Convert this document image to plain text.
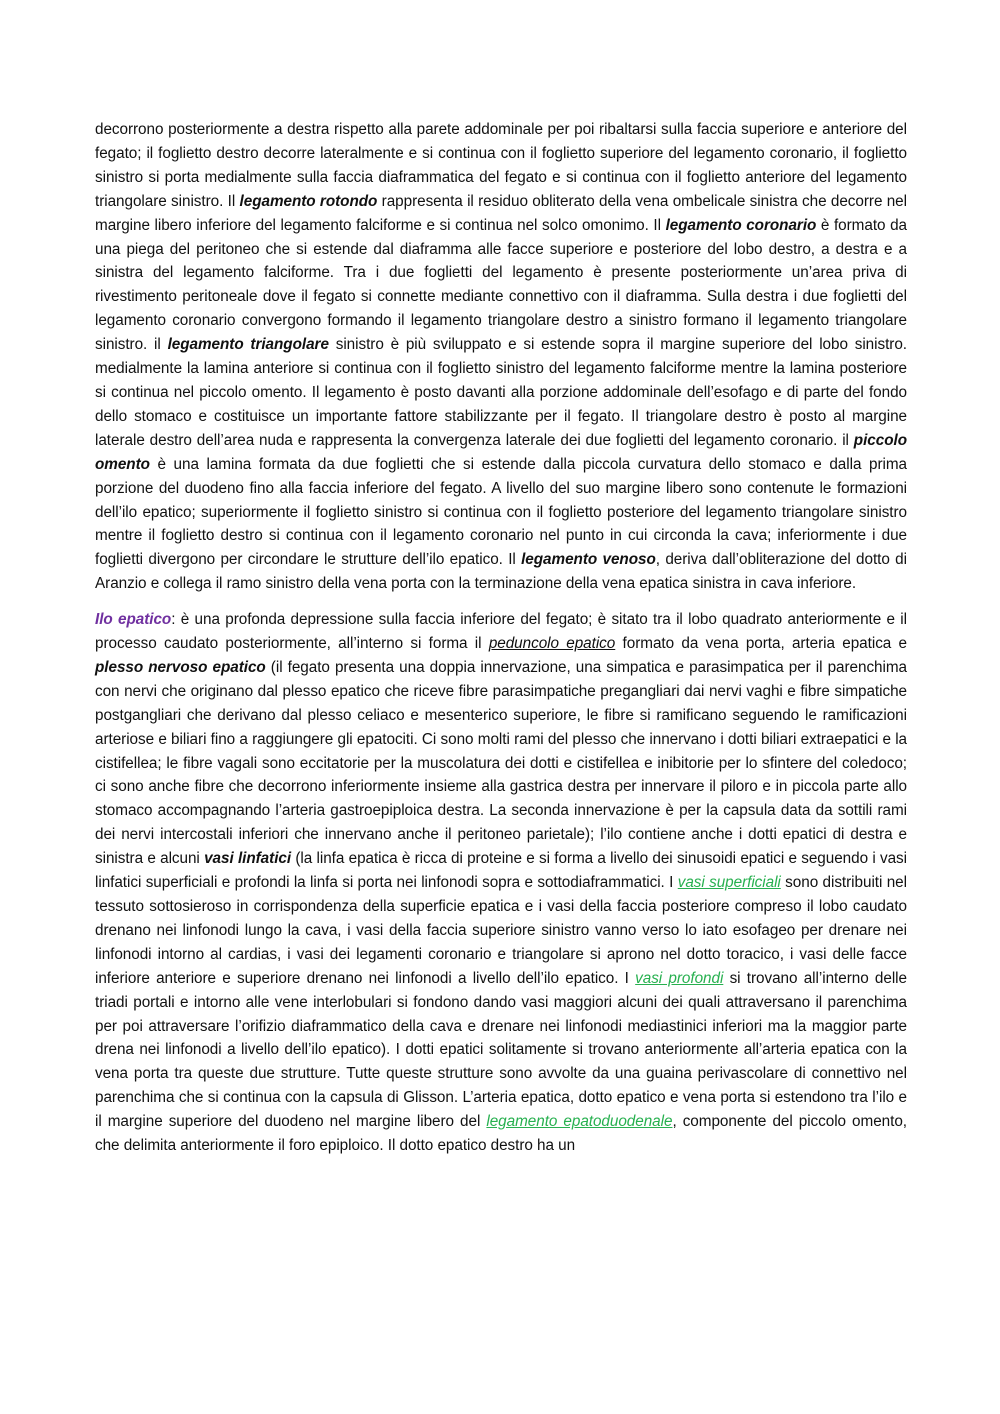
decorrono posteriormente a destra rispetto alla parete addominale per poi ribaltarsi sulla faccia superiore e anteriore del fegato; il foglietto destro decorre lateralmente e si continua con il foglietto superiore del legamento coronario, il foglietto sinistro si porta medialmente sulla faccia diaframmatica del fegato e si continua con il foglietto anteriore del legamento triangolare sinistro. Il legamento rotondo rappresenta il residuo obliterato della vena ombelicale sinistra che decorre nel margine libero inferiore del legamento falciforme e si continua nel solco omonimo. Il legamento coronario è formato da una piega del peritoneo che si estende dal diaframma alle facce superiore e posteriore del lobo destro, a destra e a sinistra del legamento falciforme. Tra i due foglietti del legamento è presente posteriormente un’area priva di rivestimento peritoneale dove il fegato si connette mediante connettivo con il diaframma. Sulla destra i due foglietti del legamento coronario convergono formando il legamento triangolare destro a sinistro formano il legamento triangolare sinistro. il legamento triangolare sinistro è più sviluppato e si estende sopra il margine superiore del lobo sinistro. medialmente la lamina anteriore si continua con il foglietto sinistro del legamento falciforme mentre la lamina posteriore si continua nel piccolo omento. Il legamento è posto davanti alla porzione addominale dell’esofago e di parte del fondo dello stomaco e costituisce un importante fattore stabilizzante per il fegato. Il triangolare destro è posto al margine laterale destro dell’area nuda e rappresenta la convergenza laterale dei due foglietti del legamento coronario. il piccolo omento è una lamina formata da due foglietti che si estende dalla piccola curvatura dello stomaco e dalla prima porzione del duodeno fino alla faccia inferiore del fegato. A livello del suo margine libero sono contenute le formazioni dell’ilo epatico; superiormente il foglietto sinistro si continua con il foglietto posteriore del legamento triangolare sinistro mentre il foglietto destro si continua con il legamento coronario nel punto in cui circonda la cava; inferiormente i due foglietti divergono per circondare le strutture dell’ilo epatico. Il legamento venoso, deriva dall’obliterazione del dotto di Aranzio e collega il ramo sinistro della vena porta con la terminazione della vena epatica sinistra in cava inferiore.

Ilo epatico: è una profonda depressione sulla faccia inferiore del fegato; è sitato tra il lobo quadrato anteriormente e il processo caudato posteriormente, all’interno si forma il peduncolo epatico formato da vena porta, arteria epatica e plesso nervoso epatico (il fegato presenta una doppia innervazione, una simpatica e parasimpatica per il parenchima con nervi che originano dal plesso epatico che riceve fibre parasimpatiche pregangliari dai nervi vaghi e fibre simpatiche postgangliari che derivano dal plesso celiaco e mesenterico superiore, le fibre si ramificano seguendo le ramificazioni arteriose e biliari fino a raggiungere gli epatociti. Ci sono molti rami del plesso che innervano i dotti biliari extraepatici e la cistifellea; le fibre vagali sono eccitatorie per la muscolatura dei dotti e cistifellea e inibitorie per lo sfintere del coledoco; ci sono anche fibre che decorrono inferiormente insieme alla gastrica destra per innervare il piloro e in piccola parte allo stomaco accompagnando l’arteria gastroepiploica destra. La seconda innervazione è per la capsula data da sottili rami dei nervi intercostali inferiori che innervano anche il peritoneo parietale); l’ilo contiene anche i dotti epatici di destra e sinistra e alcuni vasi linfatici (la linfa epatica è ricca di proteine e si forma a livello dei sinusoidi epatici e seguendo i vasi linfatici superficiali e profondi la linfa si porta nei linfonodi sopra e sottodiaframmatici. I vasi superficiali sono distribuiti nel tessuto sottosieroso in corrispondenza della superficie epatica e i vasi della faccia posteriore compreso il lobo caudato drenano nei linfonodi lungo la cava, i vasi della faccia superiore sinistro vanno verso lo iato esofageo per drenare nei linfonodi intorno al cardias, i vasi dei legamenti coronario e triangolare si aprono nel dotto toracico, i vasi delle facce inferiore anteriore e superiore drenano nei linfonodi a livello dell’ilo epatico. I vasi profondi si trovano all’interno delle triadi portali e intorno alle vene interlobulari si fondono dando vasi maggiori alcuni dei quali attraversano il parenchima per poi attraversare l’orifizio diaframmatico della cava e drenare nei linfonodi mediastinici inferiori ma la maggior parte drena nei linfonodi a livello dell’ilo epatico). I dotti epatici solitamente si trovano anteriormente all’arteria epatica con la vena porta tra queste due strutture. Tutte queste strutture sono avvolte da una guaina perivascolare di connettivo nel parenchima che si continua con la capsula di Glisson. L’arteria epatica, dotto epatico e vena porta si estendono tra l’ilo e il margine superiore del duodeno nel margine libero del legamento epatoduodenale, componente del piccolo omento, che delimita anteriormente il foro epiploico. Il dotto epatico destro ha un
